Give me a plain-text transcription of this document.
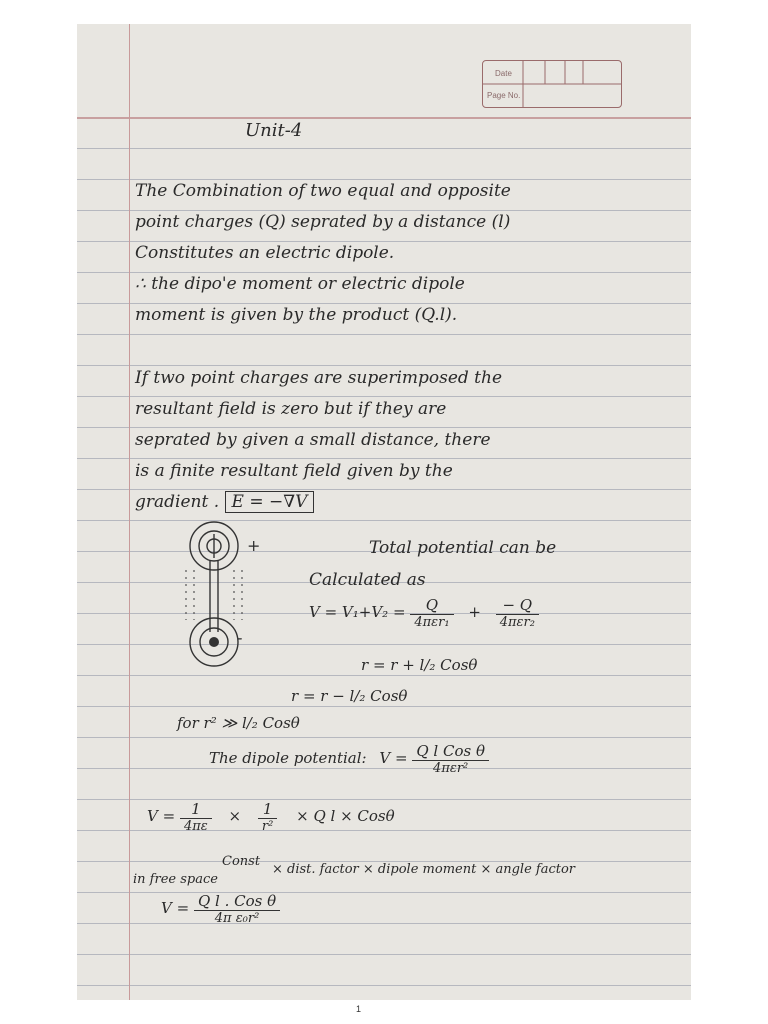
Date
Page No.
Unit-4
The Combination of two equal and opposite
point charges (Q) seprated by a distance (l)
Constitutes an electric dipole.
∴ the dipo'e moment or electric dipole
moment is given by the product (Q.l).
If two point charges are superimposed the
resultant field is zero but if they are
seprated by given a small distance, there
is a finite resultant field given by the
gradient . E = −∇V
+
-
Total potential can be
Calculated as
$V = V_1+V_2 = \frac{Q}{\text{4πεr₁}} + \frac{- Q}{\text{4πεr₂}}$
r = r + l/₂ Cosθ
r = r − l/₂ Cosθ
for r² ≫ l/₂ Cosθ
The dipole potential: $V = \frac{\text{Q l Cos θ}}{\text{4πεr²}}$
$V = \frac{1}{4\pi\varepsilon} \times \frac{1}{\text{r²}} \times Q$ l × Cosθ
Const
in free space
× dist. factor × dipole moment × angle factor
$V = \frac{\text{Q l . Cos θ}}{\text{4π ε₀r²}}$
1
